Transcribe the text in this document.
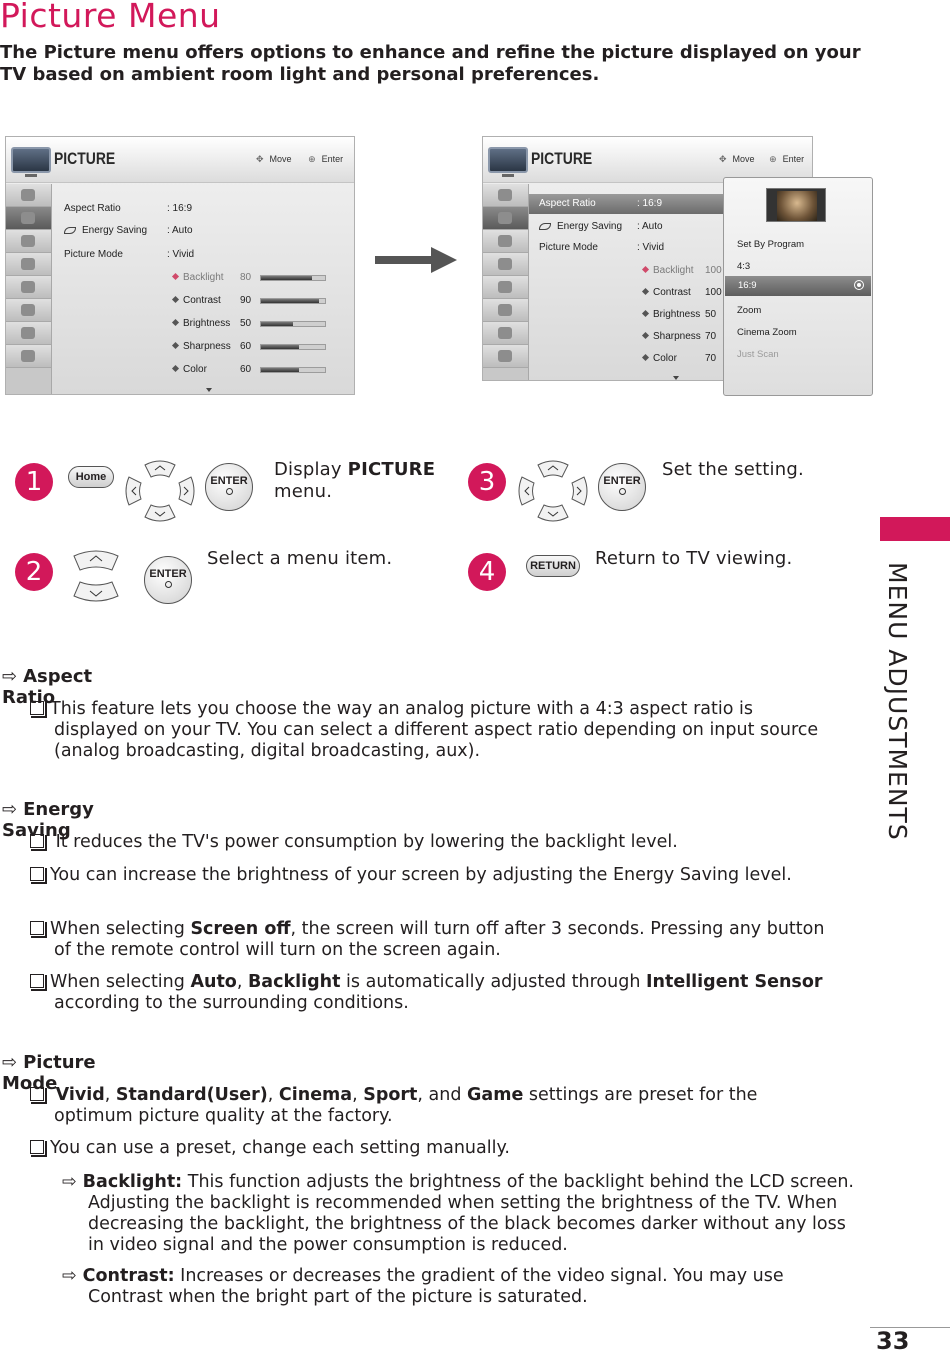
Picture Menu

The Picture menu offers options to enhance and refine the picture displayed on your TV based on ambient room light and personal preferences.

MENU ADJUSTMENTS
PICTURE	✥ Move ⊕ Enter
Aspect Ratio	: 16:9
Energy Saving : Auto
Picture Mode	: Vivid
Backlight 80
Contrast 90
Brightness 50
Sharpness 60
Color	60
PICTURE	✥ Move ⊕ Enter
Aspect Ratio	: 16:9
Energy Saving : Auto
Picture Mode	: Vivid
Backlight 100
Contrast 100
Brightness 50
Sharpness 70
Color	70
Set By Program
4:3
16:9
Zoom
Cinema Zoom
Just Scan
1	Home	ENTER
Display PICTURE
menu.
2	ENTER
Select a menu item.
3	ENTER
Set the setting.
4	RETURN Return to TV viewing.
⇨ Aspect Ratio
This feature lets you choose the way an analog picture with a 4:3 aspect ratio is displayed on your TV. You can select a different aspect ratio depending on input source (analog broadcasting, digital broadcasting, aux).
⇨ Energy Saving
It reduces the TV's power consumption by lowering the backlight level.
You can increase the brightness of your screen by adjusting the Energy Saving level.
When selecting Screen off, the screen will turn off after 3 seconds. Pressing any button of the remote control will turn on the screen again.
When selecting Auto, Backlight is automatically adjusted through Intelligent Sensor according to the surrounding conditions.
⇨ Picture Mode
Vivid, Standard(User), Cinema, Sport, and Game settings are preset for the optimum picture quality at the factory.
You can use a preset, change each setting manually.
⇨ Backlight: This function adjusts the brightness of the backlight behind the LCD screen. Adjusting the backlight is recommended when setting the brightness of the TV. When decreasing the backlight, the brightness of the black becomes darker without any loss in video signal and the power consumption is reduced.
⇨ Contrast: Increases or decreases the gradient of the video signal. You may use Contrast when the bright part of the picture is saturated.
33
